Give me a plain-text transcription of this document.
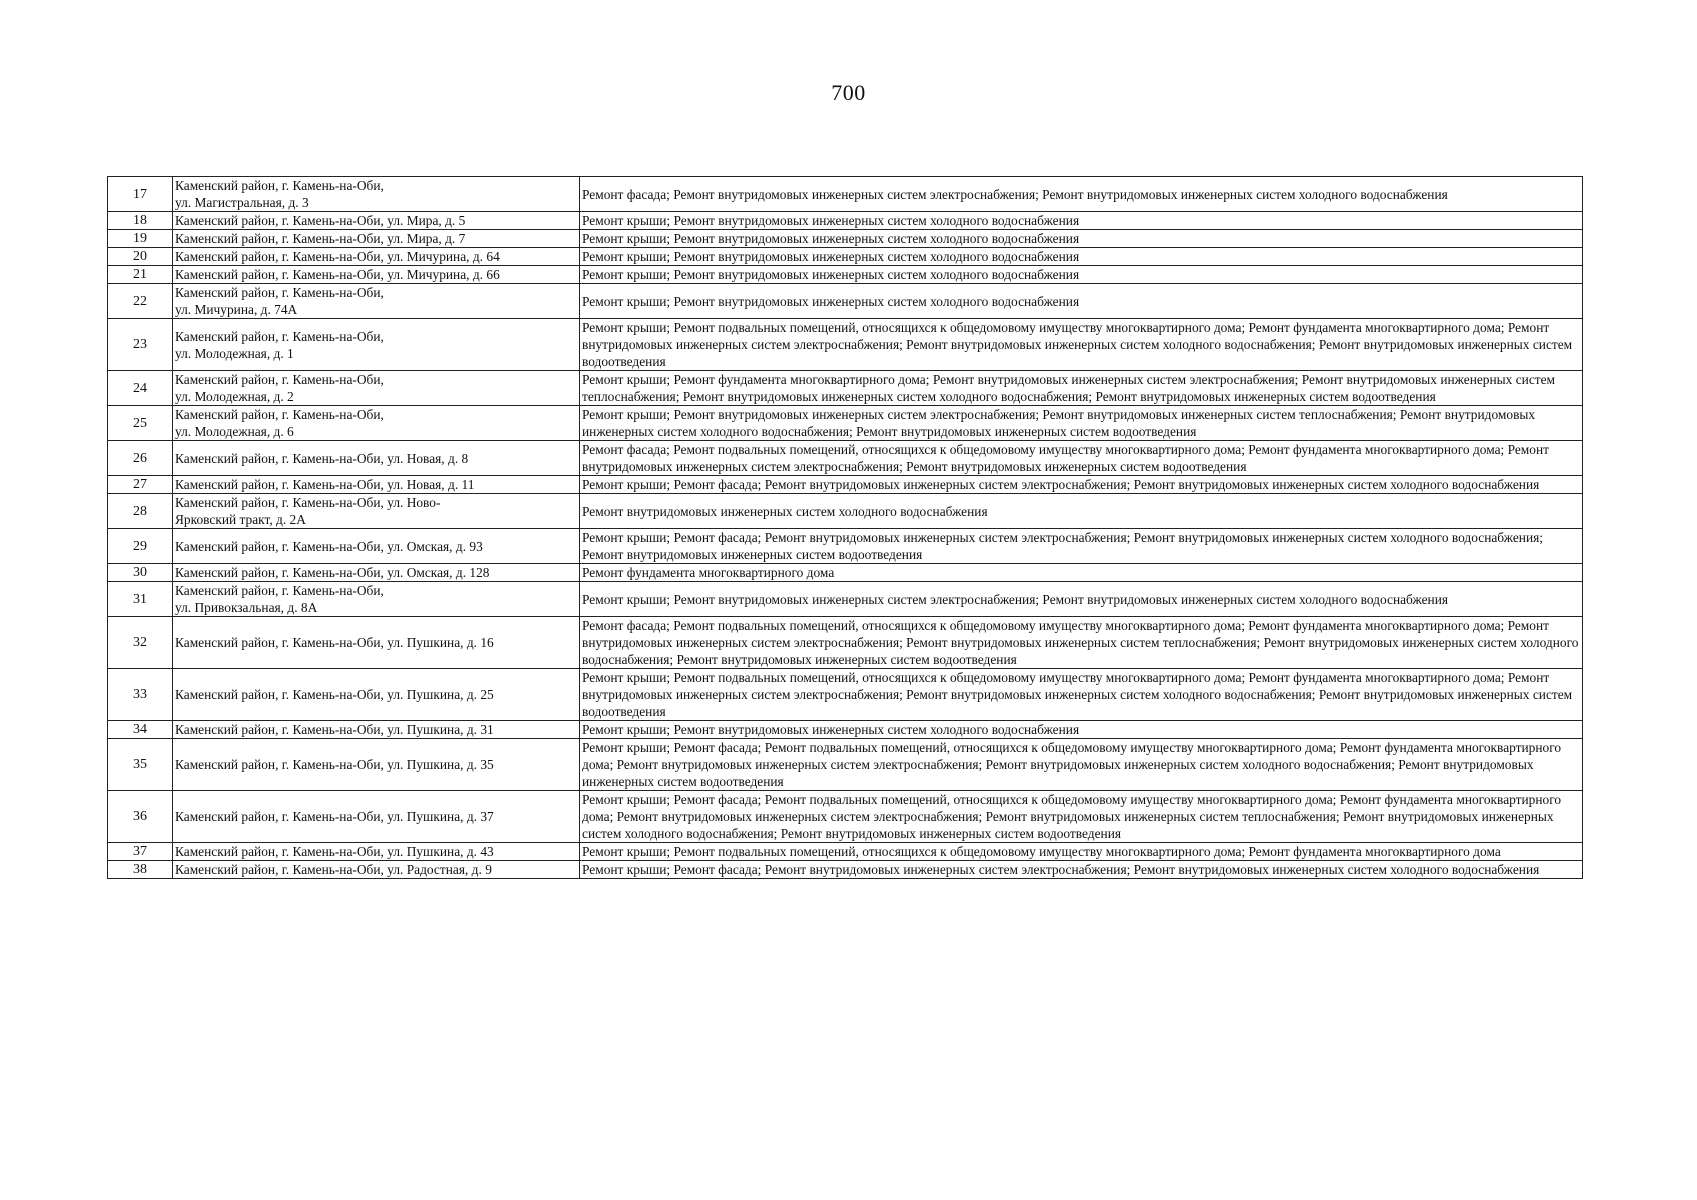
700
17	Каменский район, г. Камень-на-Оби,
ул. Магистральная, д. 3	Ремонт фасада; Ремонт внутридомовых инженерных систем электроснабжения; Ремонт внутридомовых инженерных систем холодного водоснабжения
18	Каменский район, г. Камень-на-Оби, ул. Мира, д. 5	Ремонт крыши; Ремонт внутридомовых инженерных систем холодного водоснабжения
19	Каменский район, г. Камень-на-Оби, ул. Мира, д. 7	Ремонт крыши; Ремонт внутридомовых инженерных систем холодного водоснабжения
20	Каменский район, г. Камень-на-Оби, ул. Мичурина, д. 64	Ремонт крыши; Ремонт внутридомовых инженерных систем холодного водоснабжения
21	Каменский район, г. Камень-на-Оби, ул. Мичурина, д. 66	Ремонт крыши; Ремонт внутридомовых инженерных систем холодного водоснабжения
22	Каменский район, г. Камень-на-Оби,
ул. Мичурина, д. 74А	Ремонт крыши; Ремонт внутридомовых инженерных систем холодного водоснабжения
23	Каменский район, г. Камень-на-Оби,
ул. Молодежная, д. 1	Ремонт крыши; Ремонт подвальных помещений, относящихся к общедомовому имуществу многоквартирного дома; Ремонт фундамента многоквартирного дома; Ремонт внутридомовых инженерных систем электроснабжения; Ремонт внутридомовых инженерных систем холодного водоснабжения; Ремонт внутридомовых инженерных систем водоотведения
24	Каменский район, г. Камень-на-Оби,
ул. Молодежная, д. 2	Ремонт крыши; Ремонт фундамента многоквартирного дома; Ремонт внутридомовых инженерных систем электроснабжения; Ремонт внутридомовых инженерных систем теплоснабжения; Ремонт внутридомовых инженерных систем холодного водоснабжения; Ремонт внутридомовых инженерных систем водоотведения
25	Каменский район, г. Камень-на-Оби,
ул. Молодежная, д. 6	Ремонт крыши; Ремонт внутридомовых инженерных систем электроснабжения; Ремонт внутридомовых инженерных систем теплоснабжения; Ремонт внутридомовых инженерных систем холодного водоснабжения; Ремонт внутридомовых инженерных систем водоотведения
26	Каменский район, г. Камень-на-Оби, ул. Новая, д. 8	Ремонт фасада; Ремонт подвальных помещений, относящихся к общедомовому имуществу многоквартирного дома; Ремонт фундамента многоквартирного дома; Ремонт внутридомовых инженерных систем электроснабжения; Ремонт внутридомовых инженерных систем водоотведения
27	Каменский район, г. Камень-на-Оби, ул. Новая, д. 11	Ремонт крыши; Ремонт фасада; Ремонт внутридомовых инженерных систем электроснабжения; Ремонт внутридомовых инженерных систем холодного водоснабжения
28	Каменский район, г. Камень-на-Оби, ул. Ново-
Ярковский тракт, д. 2А	Ремонт внутридомовых инженерных систем холодного водоснабжения
29	Каменский район, г. Камень-на-Оби, ул. Омская, д. 93	Ремонт крыши; Ремонт фасада; Ремонт внутридомовых инженерных систем электроснабжения; Ремонт внутридомовых инженерных систем холодного водоснабжения; Ремонт внутридомовых инженерных систем водоотведения
30	Каменский район, г. Камень-на-Оби, ул. Омская, д. 128	Ремонт фундамента многоквартирного дома
31	Каменский район, г. Камень-на-Оби,
ул. Привокзальная, д. 8А	Ремонт крыши; Ремонт внутридомовых инженерных систем электроснабжения; Ремонт внутридомовых инженерных систем холодного водоснабжения
32	Каменский район, г. Камень-на-Оби, ул. Пушкина, д. 16	Ремонт фасада; Ремонт подвальных помещений, относящихся к общедомовому имуществу многоквартирного дома; Ремонт фундамента многоквартирного дома; Ремонт внутридомовых инженерных систем электроснабжения; Ремонт внутридомовых инженерных систем теплоснабжения; Ремонт внутридомовых инженерных систем холодного водоснабжения; Ремонт внутридомовых инженерных систем водоотведения
33	Каменский район, г. Камень-на-Оби, ул. Пушкина, д. 25	Ремонт крыши; Ремонт подвальных помещений, относящихся к общедомовому имуществу многоквартирного дома; Ремонт фундамента многоквартирного дома; Ремонт внутридомовых инженерных систем электроснабжения; Ремонт внутридомовых инженерных систем холодного водоснабжения; Ремонт внутридомовых инженерных систем водоотведения
34	Каменский район, г. Камень-на-Оби, ул. Пушкина, д. 31	Ремонт крыши; Ремонт внутридомовых инженерных систем холодного водоснабжения
35	Каменский район, г. Камень-на-Оби, ул. Пушкина, д. 35	Ремонт крыши; Ремонт фасада; Ремонт подвальных помещений, относящихся к общедомовому имуществу многоквартирного дома; Ремонт фундамента многоквартирного дома; Ремонт внутридомовых инженерных систем электроснабжения; Ремонт внутридомовых инженерных систем холодного водоснабжения; Ремонт внутридомовых инженерных систем водоотведения
36	Каменский район, г. Камень-на-Оби, ул. Пушкина, д. 37	Ремонт крыши; Ремонт фасада; Ремонт подвальных помещений, относящихся к общедомовому имуществу многоквартирного дома; Ремонт фундамента многоквартирного дома; Ремонт внутридомовых инженерных систем электроснабжения; Ремонт внутридомовых инженерных систем теплоснабжения; Ремонт внутридомовых инженерных систем холодного водоснабжения; Ремонт внутридомовых инженерных систем водоотведения
37	Каменский район, г. Камень-на-Оби, ул. Пушкина, д. 43	Ремонт крыши; Ремонт подвальных помещений, относящихся к общедомовому имуществу многоквартирного дома; Ремонт фундамента многоквартирного дома
38	Каменский район, г. Камень-на-Оби, ул. Радостная, д. 9	Ремонт крыши; Ремонт фасада; Ремонт внутридомовых инженерных систем электроснабжения; Ремонт внутридомовых инженерных систем холодного водоснабжения
